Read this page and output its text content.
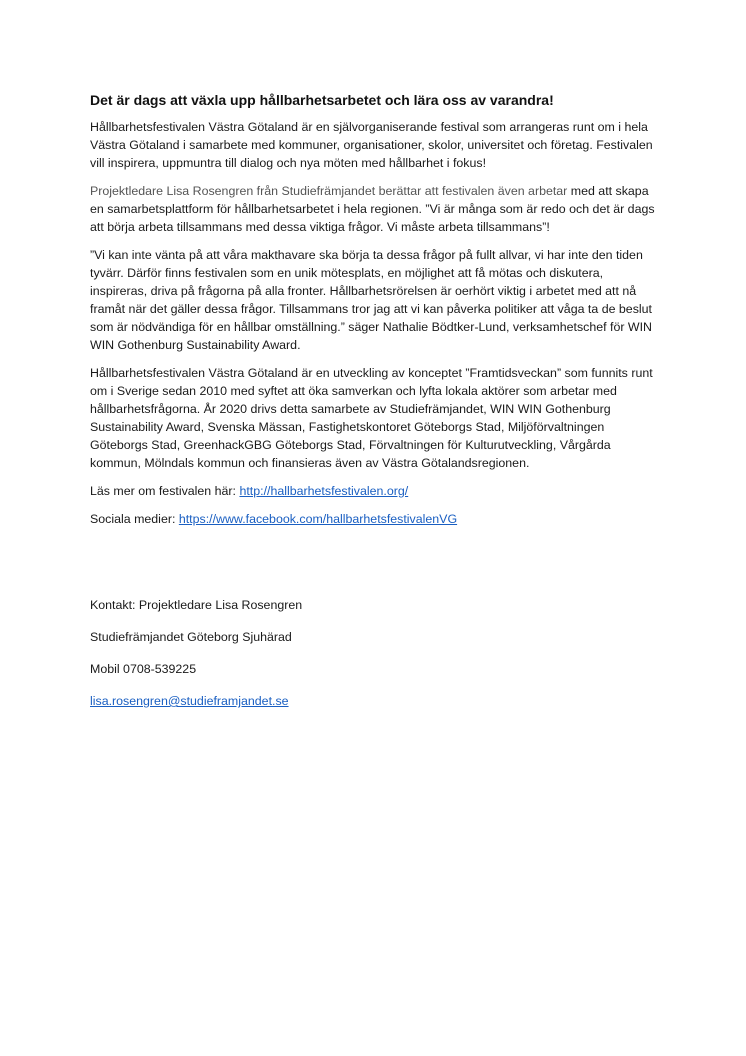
Det är dags att växla upp hållbarhetsarbetet och lära oss av varandra!

Hållbarhetsfestivalen Västra Götaland är en självorganiserande festival som arrangeras runt om i hela Västra Götaland i samarbete med kommuner, organisationer, skolor, universitet och företag. Festivalen vill inspirera, uppmuntra till dialog och nya möten med hållbarhet i fokus!

Projektledare Lisa Rosengren från Studiefrämjandet berättar att festivalen även arbetar med att skapa en samarbetsplattform för hållbarhetsarbetet i hela regionen. ”Vi är många som är redo och det är dags att börja arbeta tillsammans med dessa viktiga frågor. Vi måste arbeta tillsammans”!

”Vi kan inte vänta på att våra makthavare ska börja ta dessa frågor på fullt allvar, vi har inte den tiden tyvärr. Därför finns festivalen som en unik mötesplats, en möjlighet att få mötas och diskutera, inspireras, driva på frågorna på alla fronter. Hållbarhetsrörelsen är oerhört viktig i arbetet med att nå framåt när det gäller dessa frågor. Tillsammans tror jag att vi kan påverka politiker att våga ta de beslut som är nödvändiga för en hållbar omställning.” säger Nathalie Bödtker-Lund, verksamhetschef för WIN WIN Gothenburg Sustainability Award.

Hållbarhetsfestivalen Västra Götaland är en utveckling av konceptet ”Framtidsveckan” som funnits runt om i Sverige sedan 2010 med syftet att öka samverkan och lyfta lokala aktörer som arbetar med hållbarhetsfrågorna. År 2020 drivs detta samarbete av Studiefrämjandet, WIN WIN Gothenburg Sustainability Award, Svenska Mässan, Fastighetskontoret Göteborgs Stad, Miljöförvaltningen Göteborgs Stad, GreenhackGBG Göteborgs Stad, Förvaltningen för Kulturutveckling, Vårgårda kommun, Mölndals kommun och finansieras även av Västra Götalandsregionen.

Läs mer om festivalen här: http://hallbarhetsfestivalen.org/

Sociala medier: https://www.facebook.com/hallbarhetsfestivalenVG

Kontakt: Projektledare Lisa Rosengren

Studiefrämjandet Göteborg Sjuhärad

Mobil 0708-539225

lisa.rosengren@studieframjandet.se
